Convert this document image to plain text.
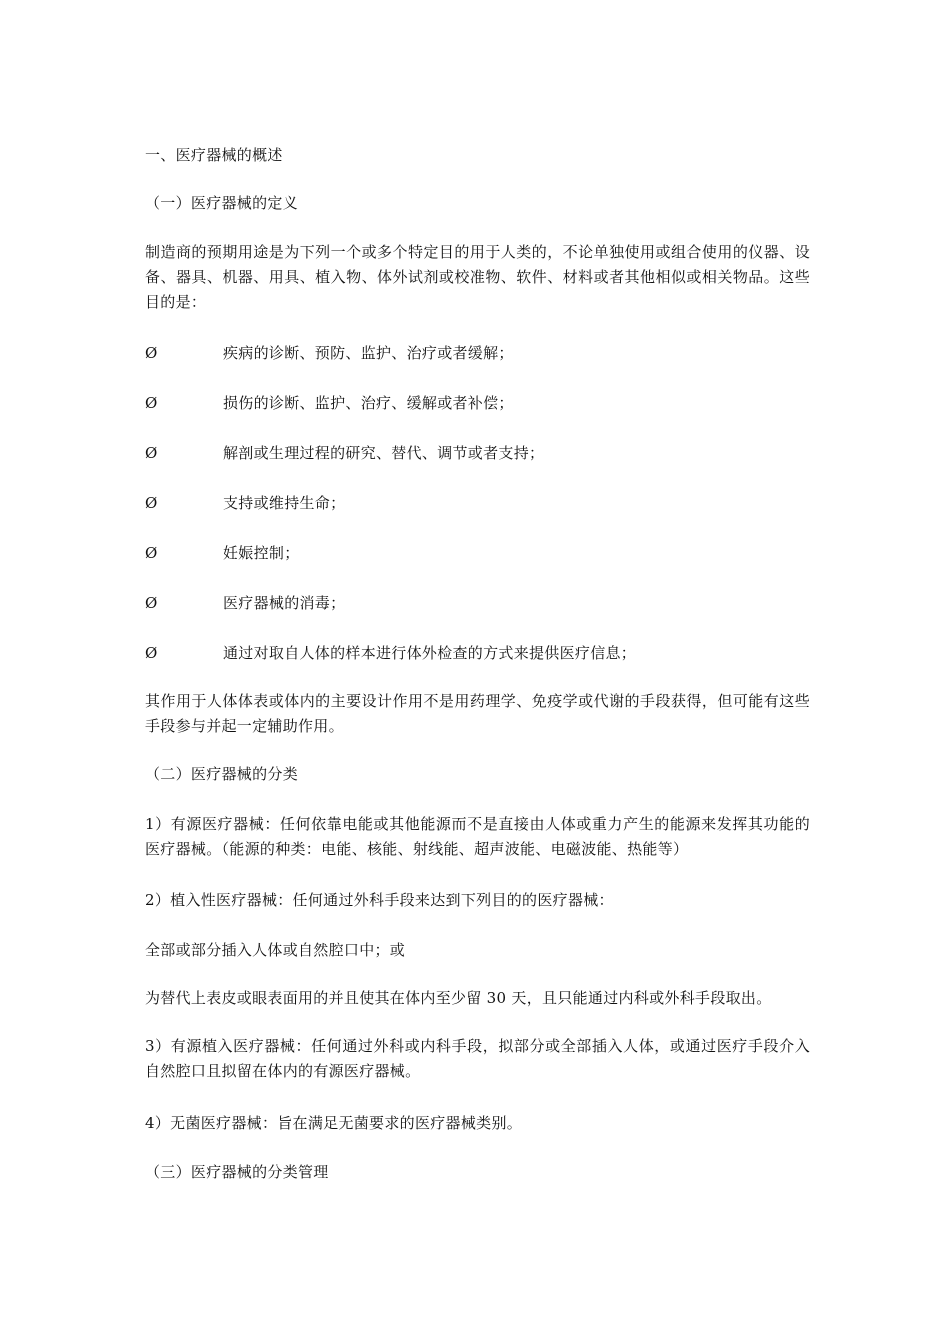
一、医疗器械的概述
（一）医疗器械的定义
制造商的预期用途是为下列一个或多个特定目的用于人类的，不论单独使用或组合使用的仪器、设备、器具、机器、用具、植入物、体外试剂或校准物、软件、材料或者其他相似或相关物品。这些目的是：
Ø	疾病的诊断、预防、监护、治疗或者缓解；
Ø	损伤的诊断、监护、治疗、缓解或者补偿；
Ø	解剖或生理过程的研究、替代、调节或者支持；
Ø	支持或维持生命；
Ø	妊娠控制；
Ø	医疗器械的消毒；
Ø	通过对取自人体的样本进行体外检查的方式来提供医疗信息；
其作用于人体体表或体内的主要设计作用不是用药理学、免疫学或代谢的手段获得，但可能有这些手段参与并起一定辅助作用。
（二）医疗器械的分类
1）有源医疗器械：任何依靠电能或其他能源而不是直接由人体或重力产生的能源来发挥其功能的医疗器械。（能源的种类：电能、核能、射线能、超声波能、电磁波能、热能等）
2）植入性医疗器械：任何通过外科手段来达到下列目的的医疗器械：
全部或部分插入人体或自然腔口中；或
为替代上表皮或眼表面用的并且使其在体内至少留 30 天，且只能通过内科或外科手段取出。
3）有源植入医疗器械：任何通过外科或内科手段，拟部分或全部插入人体，或通过医疗手段介入自然腔口且拟留在体内的有源医疗器械。
4）无菌医疗器械：旨在满足无菌要求的医疗器械类别。
（三）医疗器械的分类管理
